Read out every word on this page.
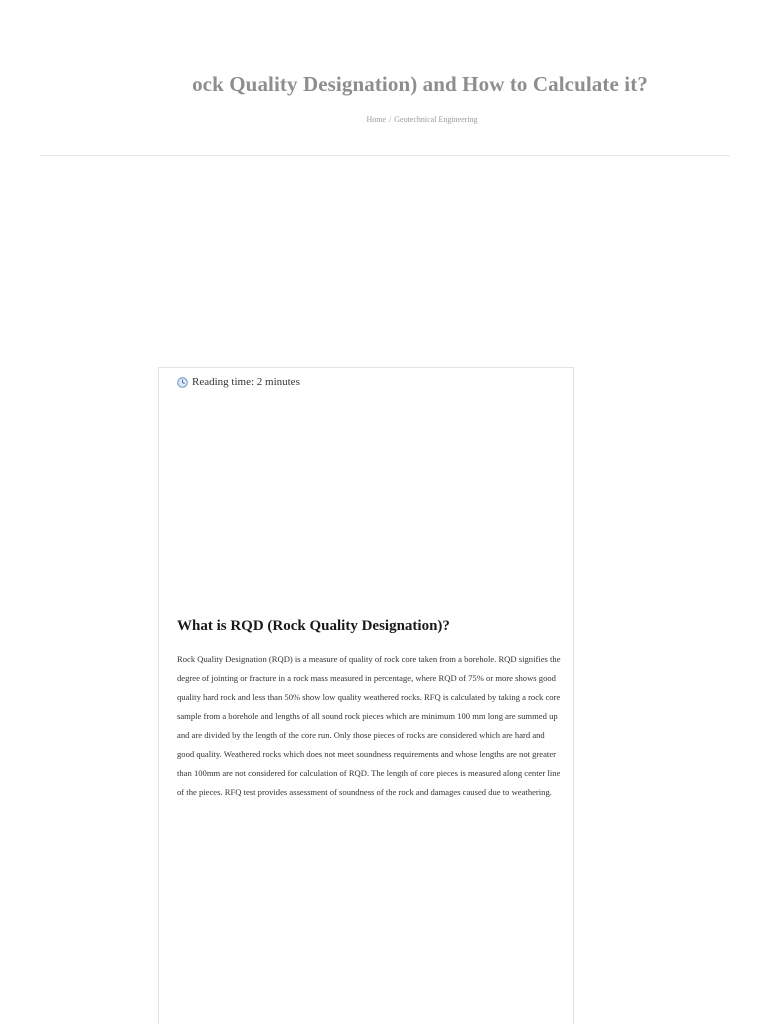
ock Quality Designation) and How to Calculate it?
Home / Geotechnical Engineering
Reading time: 2 minutes
What is RQD (Rock Quality Designation)?

Rock Quality Designation (RQD) is a measure of quality of rock core taken from a borehole. RQD signifies the degree of jointing or fracture in a rock mass measured in percentage, where RQD of 75% or more shows good quality hard rock and less than 50% show low quality weathered rocks. RFQ is calculated by taking a rock core sample from a borehole and lengths of all sound rock pieces which are minimum 100 mm long are summed up and are divided by the length of the core run. Only those pieces of rocks are considered which are hard and good quality. Weathered rocks which does not meet soundness requirements and whose lengths are not greater than 100mm are not considered for calculation of RQD. The length of core pieces is measured along center line of the pieces. RFQ test provides assessment of soundness of the rock and damages caused due to weathering.
